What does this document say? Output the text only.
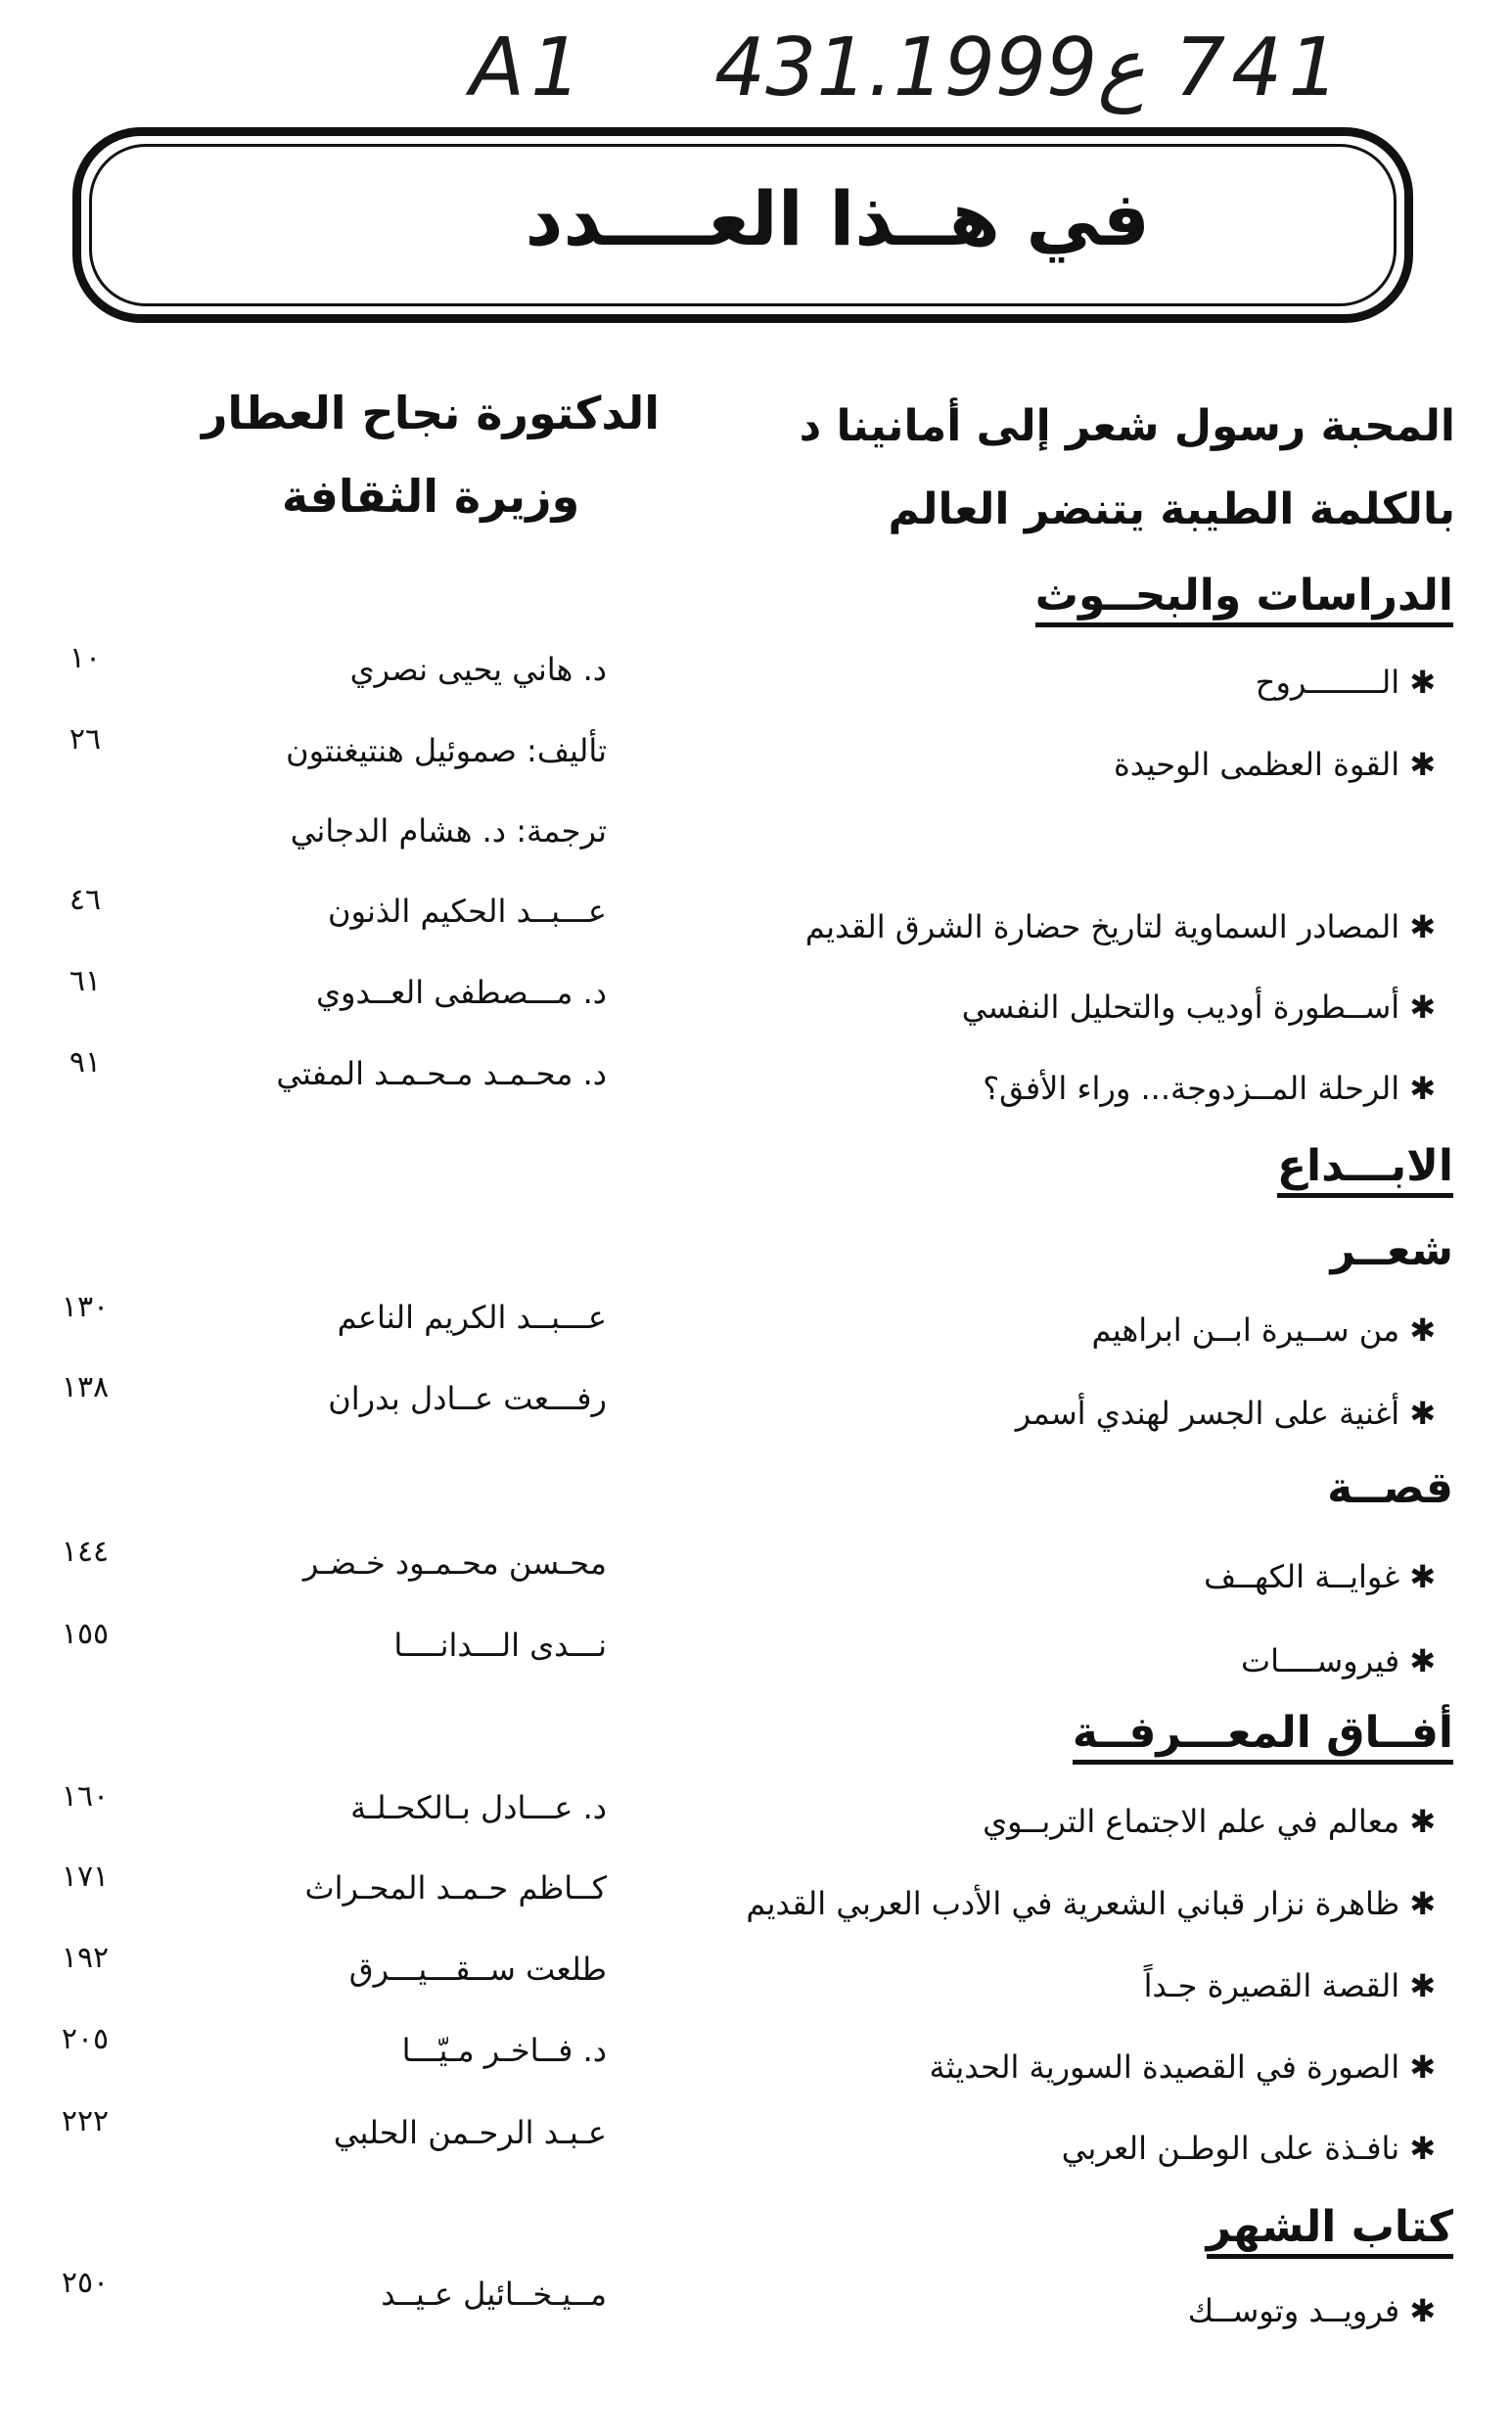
A1 431.ع1999 741
في هــذا العــــدد
المحبة رسول شعر إلى أمانينا د
بالكلمة الطيبة يتنضر العالم
الدكتورة نجاح العطار
وزيرة الثقافة
الدراسات والبحــوث
الابـــداع
شعــر
قصــة
أفــاق المعـــرفــة
كتاب الشهر
✱الــــــــروح
✱القوة العظمى الوحيدة
✱المصادر السماوية لتاريخ حضارة الشرق القديم
✱أســطورة أوديب والتحليل النفسي
✱الرحلة المــزدوجة... وراء الأفق؟
✱من ســيرة ابــن ابراهيم
✱أغنية على الجسر لهندي أسمر
✱غوايــة الكهــف
✱فيروســــات
✱معالم في علم الاجتماع التربــوي
✱ظاهرة نزار قباني الشعرية في الأدب العربي القديم
✱القصة القصيرة جـداً
✱الصورة في القصيدة السورية الحديثة
✱نافـذة على الوطـن العربي
✱فرويــد وتوســك
د. هاني يحيى نصري
تأليف: صموئيل هنتيغنتون
ترجمة: د. هشام الدجاني
عـــبــد الحكيم الذنون
د. مـــصطفى العــدوي
د. محـمـد مـحـمـد المفتي
عـــبــد الكريم الناعم
رفـــعت عــادل بدران
محـسن محـمـود خـضـر
نـــدى الـــدانــــا
د. عـــادل بـالكحـلـة
كــاظم حـمـد المحـراث
طلعت ســقـــيـــرق
د. فــاخـر مـيّـــا
عـبـد الرحـمن الحلبي
مــيـخــائيل عـيــد
١٠
٢٦
٤٦
٦١
٩١
١٣٠
١٣٨
١٤٤
١٥٥
١٦٠
١٧١
١٩٢
٢٠٥
٢٢٢
٢٥٠
